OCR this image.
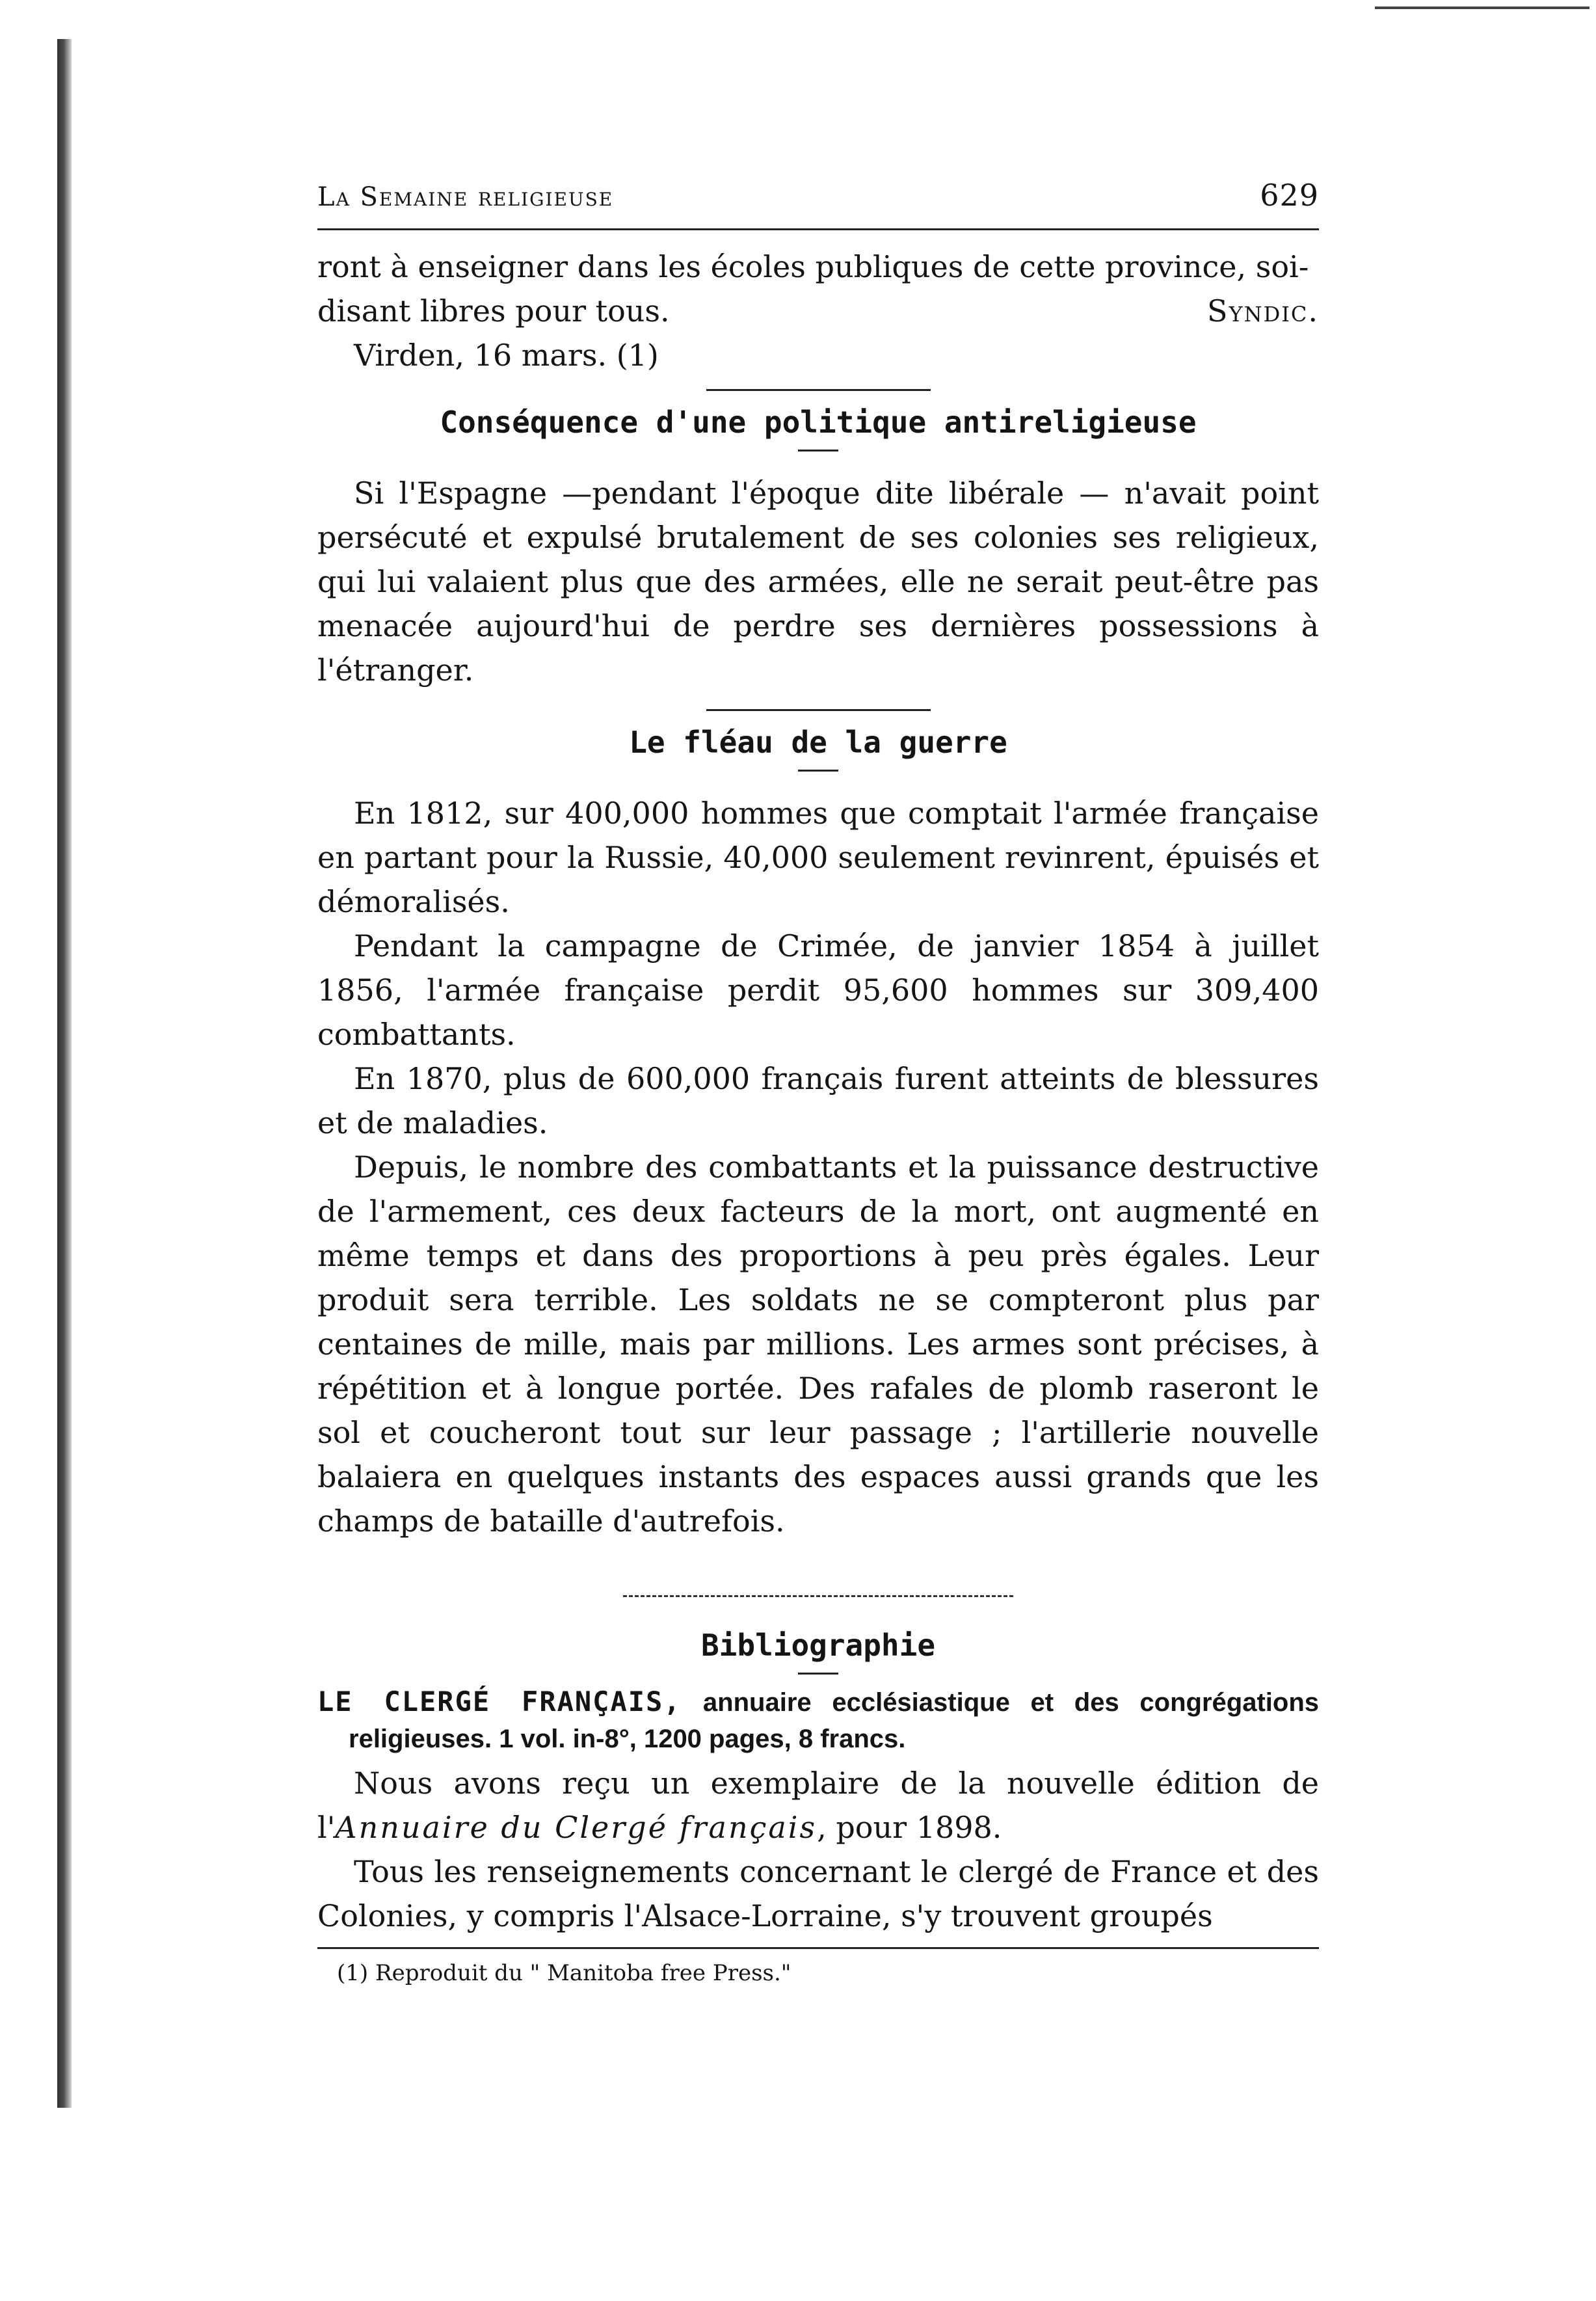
La Semaine religieuse	629

ront à enseigner dans les écoles publiques de cette province, soi-

disant libres pour tous.	Syndic.

Virden, 16 mars. (1)

Conséquence d'une politique antireligieuse

Si l'Espagne —pendant l'époque dite libérale — n'avait point persécuté et expulsé brutalement de ses colonies ses religieux, qui lui valaient plus que des armées, elle ne serait peut-être pas menacée aujourd'hui de perdre ses dernières possessions à l'étranger.

Le fléau de la guerre

En 1812, sur 400,000 hommes que comptait l'armée française en partant pour la Russie, 40,000 seulement revinrent, épuisés et démoralisés.

Pendant la campagne de Crimée, de janvier 1854 à juillet 1856, l'armée française perdit 95,600 hommes sur 309,400 combattants.

En 1870, plus de 600,000 français furent atteints de blessures et de maladies.

Depuis, le nombre des combattants et la puissance destructive de l'armement, ces deux facteurs de la mort, ont augmenté en même temps et dans des proportions à peu près égales. Leur produit sera terrible. Les soldats ne se compteront plus par centaines de mille, mais par millions. Les armes sont précises, à répétition et à longue portée. Des rafales de plomb raseront le sol et coucheront tout sur leur passage ; l'artillerie nouvelle balaiera en quelques instants des espaces aussi grands que les champs de bataille d'autrefois.

Bibliographie

LE CLERGÉ FRANÇAIS, annuaire ecclésiastique et des congrégations religieuses. 1 vol. in-8°, 1200 pages, 8 francs.

Nous avons reçu un exemplaire de la nouvelle édition de l'Annuaire du Clergé français, pour 1898.

Tous les renseignements concernant le clergé de France et des Colonies, y compris l'Alsace-Lorraine, s'y trouvent groupés

(1) Reproduit du " Manitoba free Press."
